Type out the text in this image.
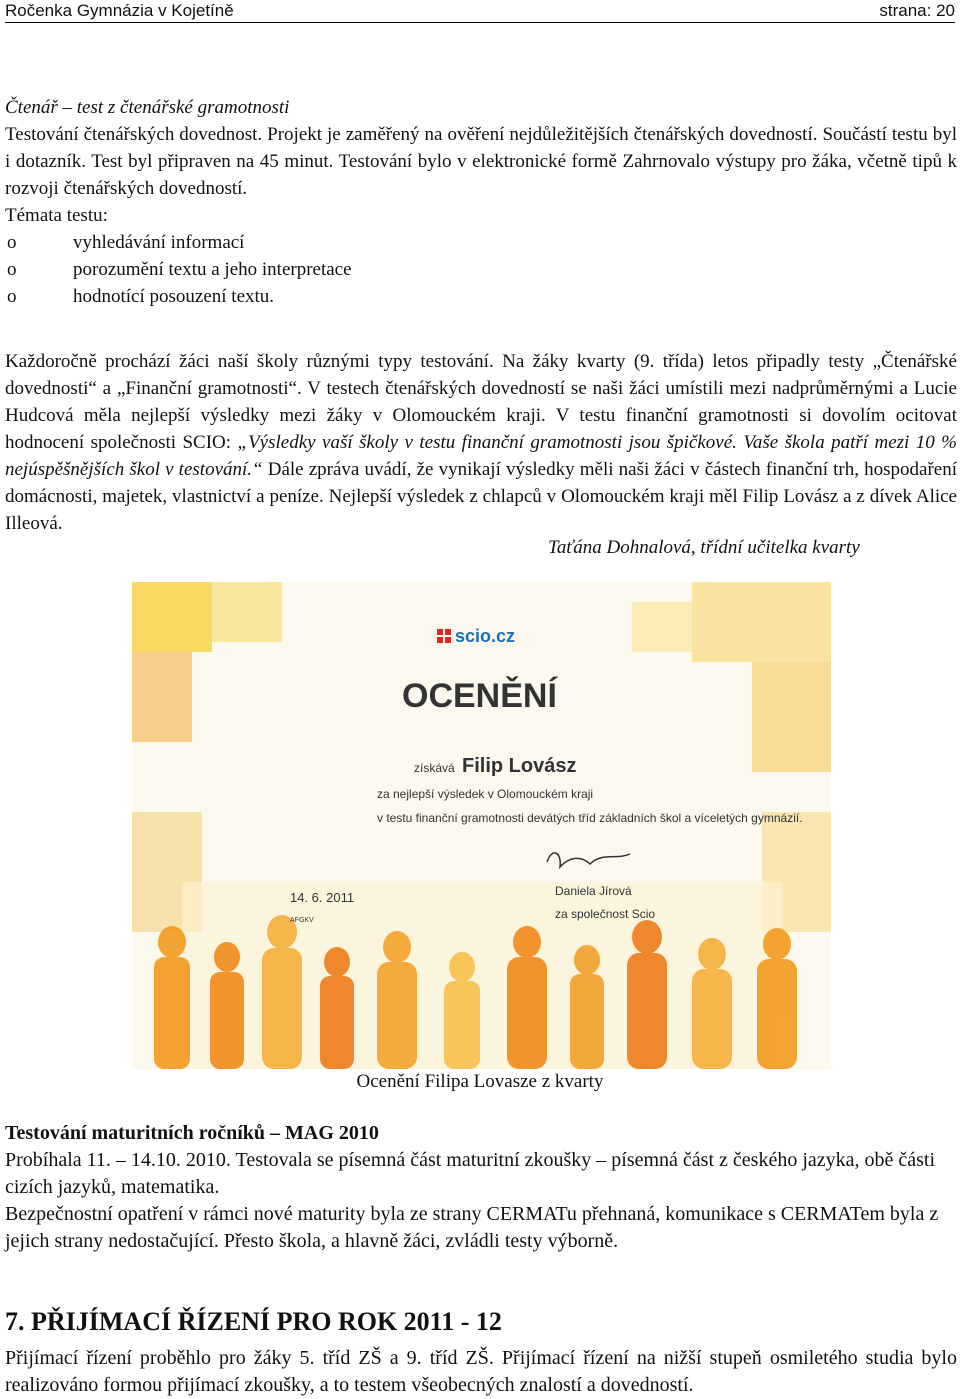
Ročenka Gymnázia v Kojetíně	strana: 20
Čtenář – test z čtenářské gramotnosti
Testování čtenářských dovednost. Projekt je zaměřený na ověření nejdůležitějších čtenářských dovedností. Součástí testu byl i dotazník. Test byl připraven na 45 minut. Testování bylo v elektronické formě Zahrnovalo výstupy pro žáka, včetně tipů k rozvoji čtenářských dovedností.
Témata testu:
o	vyhledávání informací
o	porozumění textu a jeho interpretace
o	hodnotící posouzení textu.
Každoročně prochází žáci naší školy různými typy testování. Na žáky kvarty (9. třída) letos připadly testy „Čtenářské dovednosti“ a „Finanční gramotnosti“. V testech čtenářských dovedností se naši žáci umístili mezi nadprůměrnými a Lucie Hudcová měla nejlepší výsledky mezi žáky v Olomouckém kraji. V testu finanční gramotnosti si dovolím ocitovat hodnocení společnosti SCIO: „Výsledky vaší školy v testu finanční gramotnosti jsou špičkové. Vaše škola patří mezi 10 % nejúspěšnějších škol v testování.“ Dále zpráva uvádí, že vynikají výsledky měli naši žáci v částech finanční trh, hospodaření domácnosti, majetek, vlastnictví a peníze. Nejlepší výsledek z chlapců v Olomouckém kraji měl Filip Lovász a z dívek Alice Illeová.
Taťána Dohnalová, třídní učitelka kvarty
scio.cz
OCENĚNÍ
získává Filip Lovász
za nejlepší výsledek v Olomouckém kraji
v testu finanční gramotnosti devátých tříd základních škol a víceletých gymnázií.
14. 6. 2011
AFGKV
Daniela Jírová
za společnost Scio
Ocenění Filipa Lovasze z kvarty
Testování maturitních ročníků – MAG 2010
Probíhala 11. – 14.10. 2010. Testovala se písemná část maturitní zkoušky – písemná část z českého jazyka, obě části cizích jazyků, matematika.
Bezpečnostní opatření v rámci nové maturity byla ze strany CERMATu přehnaná, komunikace s CERMATem byla z jejich strany nedostačující. Přesto škola, a hlavně žáci, zvládli testy výborně.
7. PŘIJÍMACÍ ŘÍZENÍ PRO ROK 2011 - 12
Přijímací řízení proběhlo pro žáky 5. tříd ZŠ a 9. tříd ZŠ. Přijímací řízení na nižší stupeň osmiletého studia bylo realizováno formou přijímací zkoušky, a to testem všeobecných znalostí a dovedností.
